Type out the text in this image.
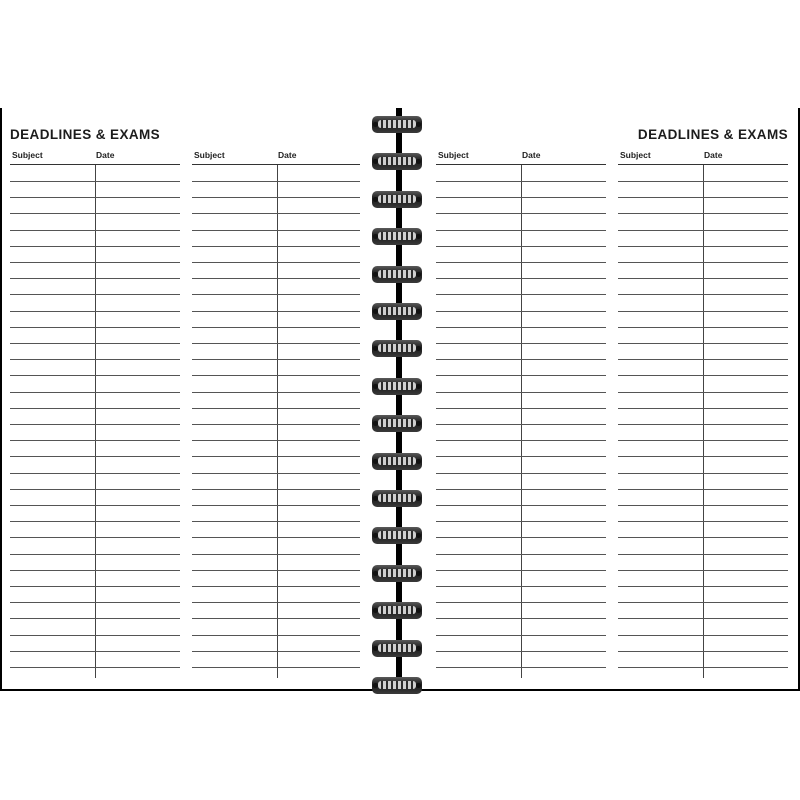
DEADLINES & EXAMS
Subject	Date	Subject	Date
DEADLINES & EXAMS
Subject	Date	Subject	Date
